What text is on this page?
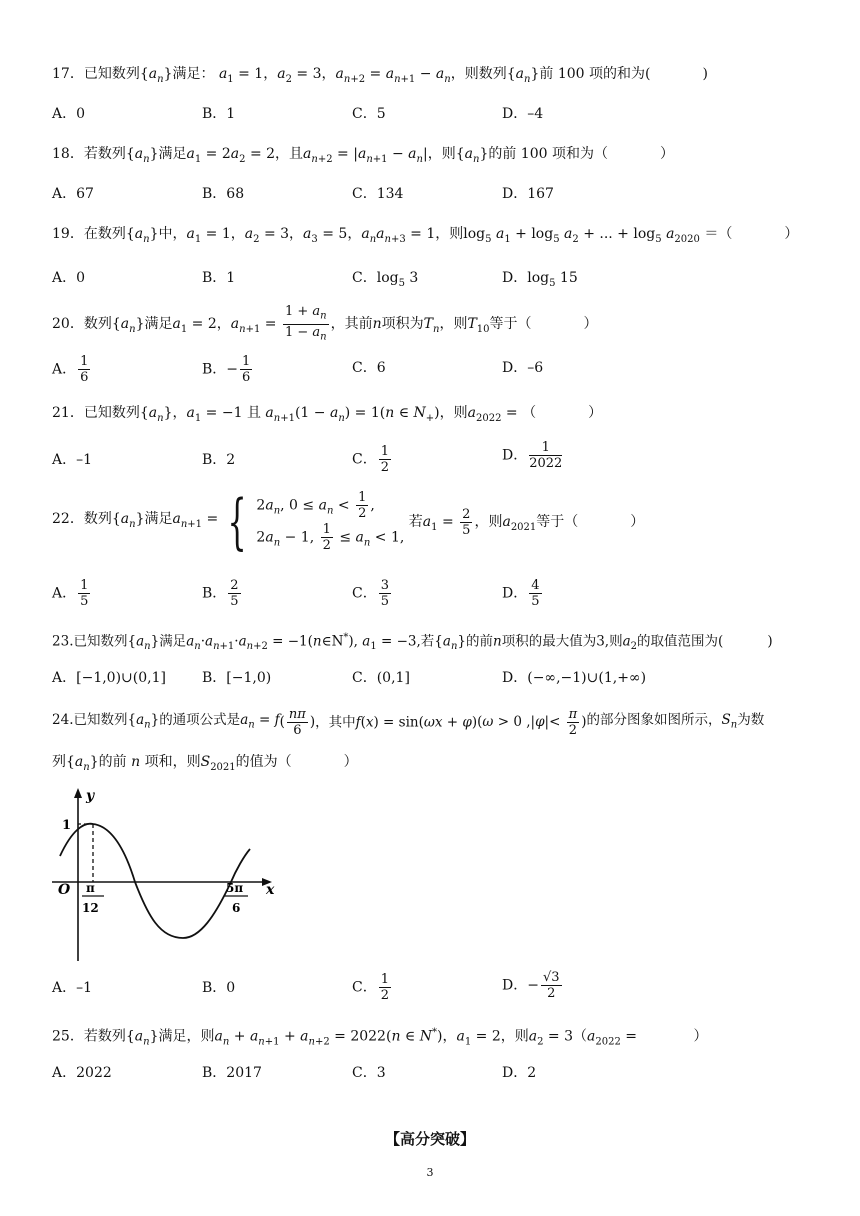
17．已知数列$\{a_n\}$满足： $a_1 = 1$，$a_2 = 3$，$a_{n+2} = a_{n+1} - a_n$，则数列$\{a_n\}$前 100 项的和为(	)
A．0	B．1	C．5	D．–4
18．若数列$\{a_n\}$满足$a_1 = 2a_2 = 2$，且$a_{n+2} = |a_{n+1} - a_n|$，则$\{a_n\}$的前 100 项和为（	）
A．67	B．68	C．134	D．167
19．在数列$\{a_n\}$中，$a_1 = 1$，$a_2 = 3$，$a_3 = 5$，$a_na_{n+3} = 1$，则$\log_5 a_1 + \log_5 a_2$ + ... + $\log_5 a_{2020}$ ＝（	）
A．0	B．1	C．$\log_5 3$	D．$\log_5 15$
20．数列$\{a_n\}$满足$a_1 = 2$，$a_{n+1} = \frac{1 + a_n}{1 - a_n}$ ，其前n项积为$T_n$，则$T_{10}$等于（	）
A． $\frac{1}{6}$	B．− $\frac{1}{6}$	C．6	D．–6
21．已知数列$\{a_n\}$，$a_1 = -1$ 且 $a_{n+1}(1 - a_n) = 1(n$ ∈ $N_+$)，则$a_{2022}$ = （	）
A．–1	B．2	C． $\frac{1}{2}$	D． $\frac{1}{2022}$
22．数列$\{a_n\}$满足$a_{n+1}$ = { $2a_n$, $0 \le a_n < \frac{1}{2}$ ,
$2a_n - 1$, $\frac{1}{2} \le a_n < 1$, 若$a_1 = \frac{2}{5}$ ，则$a_{2021}$等于（	）
A． $\frac{1}{5}$	B． $\frac{2}{5}$	C． $\frac{3}{5}$	D． $\frac{4}{5}$
23.已知数列$\{a_n\}$满足$a_n\cdot a_{n+1}\cdot a_{n+2}$ = −1(n∈N*), $a_1 = -3$,若$\{a_n\}$的前n项积的最大值为3,则$a_2$的取值范围为(	)
A．[−1,0)∪(0,1]	B．[−1,0)	C．(0,1]	D．(−∞,−1)∪(1,+∞)
24.已知数列$\{a_n\}$的通项公式是$a_n = f( \frac{n\pi}{6}$ )，其中f(x) = sin(ωx + φ)(ω > 0 $,|\varphi|< \frac{\pi}{2}$ )的部分图象如图所示，$S_n$为数
列$\{a_n\}$的前 n 项和，则$S_{2021}$的值为（	）
y
x
O
1
π
12
5π
6
A．–1	B．0	C． $\frac{1}{2}$	D．− $\frac{√3}{2}$
25．若数列$\{a_n\}$满足，则$a_n + a_{n+1} + a_{n+2} = 2022(n$ ∈ N*)，$a_1 = 2$，则$a_2 = 3(a_{2022}$ =	）
A．2022	B．2017	C．3	D．2
【高分突破】
3
